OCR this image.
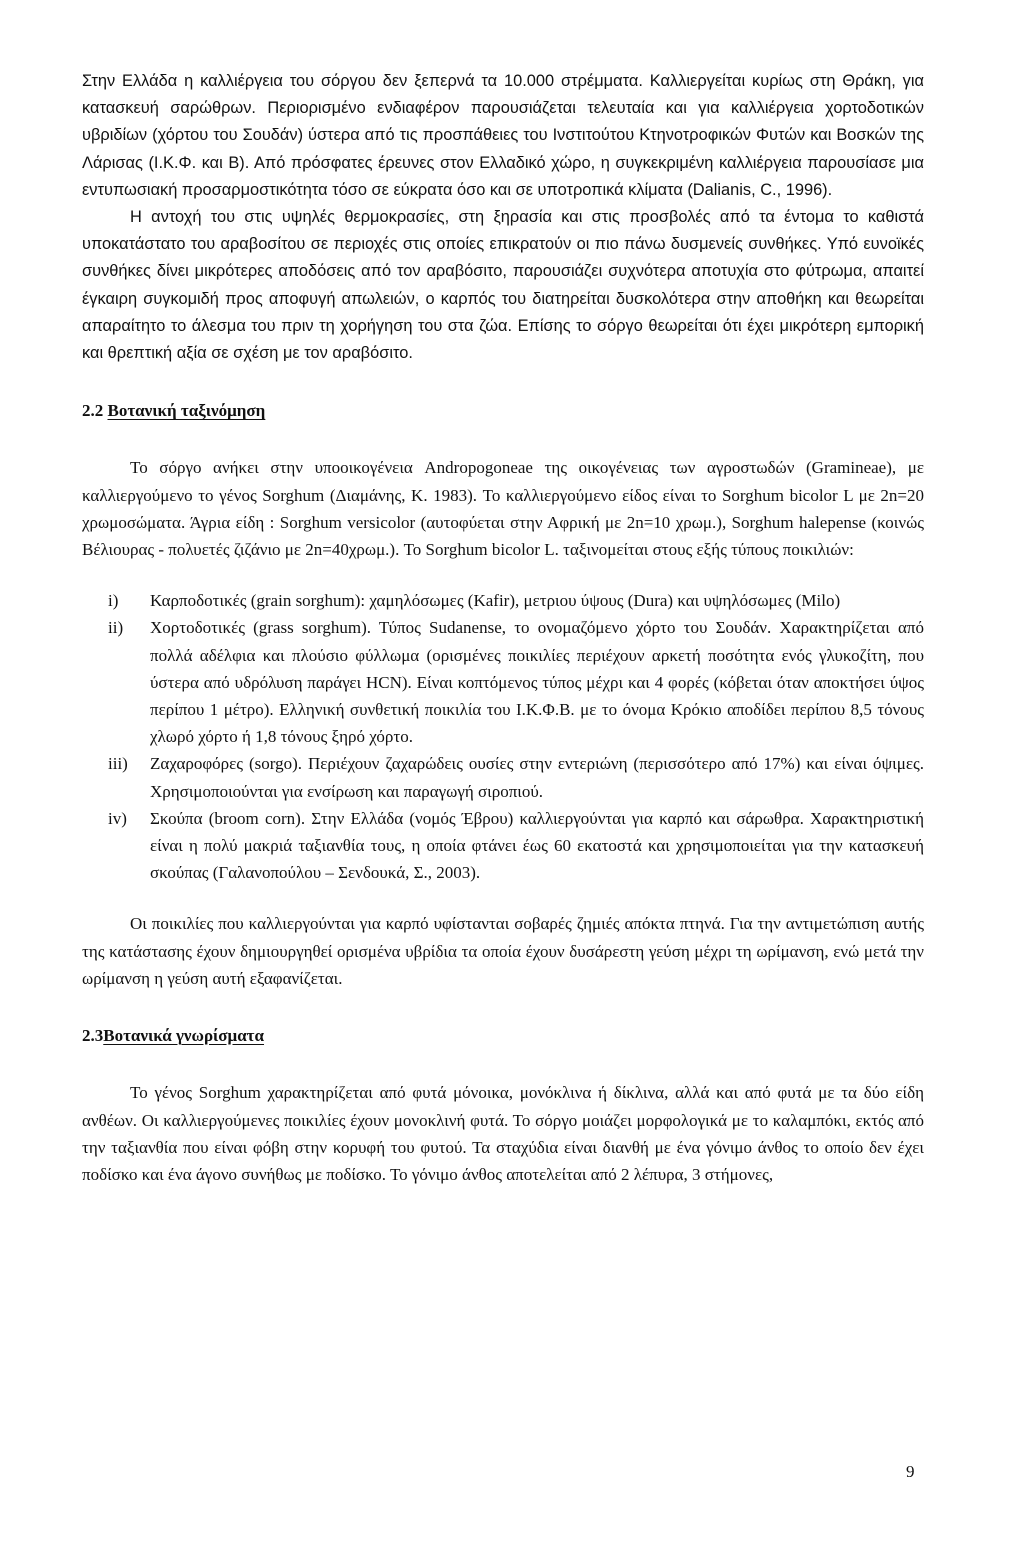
Στην Ελλάδα η καλλιέργεια του σόργου δεν ξεπερνά τα 10.000 στρέμματα. Καλλιεργείται κυρίως στη Θράκη, για κατασκευή σαρώθρων. Περιορισμένο ενδιαφέρον παρουσιάζεται τελευταία και για καλλιέργεια χορτοδοτικών υβριδίων (χόρτου του Σουδάν) ύστερα από τις προσπάθειες του Ινστιτούτου Κτηνοτροφικών Φυτών και Βοσκών της Λάρισας (Ι.Κ.Φ. και Β). Από πρόσφατες έρευνες στον Ελλαδικό χώρο, η συγκεκριμένη καλλιέργεια παρουσίασε μια εντυπωσιακή προσαρμοστικότητα τόσο σε εύκρατα όσο και σε υποτροπικά κλίματα (Dalianis, C., 1996).

Η αντοχή του στις υψηλές θερμοκρασίες, στη ξηρασία και στις προσβολές από τα έντομα το καθιστά υποκατάστατο του αραβοσίτου σε περιοχές στις οποίες επικρατούν οι πιο πάνω δυσμενείς συνθήκες. Υπό ευνοϊκές συνθήκες δίνει μικρότερες αποδόσεις από τον αραβόσιτο, παρουσιάζει συχνότερα αποτυχία στο φύτρωμα, απαιτεί έγκαιρη συγκομιδή προς αποφυγή απωλειών, ο καρπός του διατηρείται δυσκολότερα στην αποθήκη και θεωρείται απαραίτητο το άλεσμα του πριν τη χορήγηση του στα ζώα. Επίσης το σόργο θεωρείται ότι έχει μικρότερη εμπορική και θρεπτική αξία σε σχέση με τον αραβόσιτο.

2.2 Βοτανική ταξινόμηση

Το σόργο ανήκει στην υποοικογένεια Andropogoneae της οικογένειας των αγροστωδών (Gramineae), με καλλιεργούμενο το γένος Sorghum (Διαμάνης, Κ. 1983). Το καλλιεργούμενο είδος είναι το Sorghum bicolor L με 2n=20 χρωμοσώματα. Άγρια είδη : Sorghum versicolor (αυτοφύεται στην Αφρική με 2n=10 χρωμ.), Sorghum halepense (κοινώς Βέλιουρας - πολυετές ζιζάνιο με 2n=40χρωμ.). Το Sorghum bicolor L. ταξινομείται στους εξής τύπους ποικιλιών:

i)	Καρποδοτικές (grain sorghum): χαμηλόσωμες (Kafir), μετριου ύψους (Dura) και υψηλόσωμες (Milo)
ii)	Χορτοδοτικές (grass sorghum). Τύπος Sudanense, το ονομαζόμενο χόρτο του Σουδάν. Χαρακτηρίζεται από πολλά αδέλφια και πλούσιο φύλλωμα (ορισμένες ποικιλίες περιέχουν αρκετή ποσότητα ενός γλυκοζίτη, που ύστερα από υδρόλυση παράγει HCN). Είναι κοπτόμενος τύπος μέχρι και 4 φορές (κόβεται όταν αποκτήσει ύψος περίπου 1 μέτρο). Ελληνική συνθετική ποικιλία του Ι.Κ.Φ.Β. με το όνομα Κρόκιο αποδίδει περίπου 8,5 τόνους χλωρό χόρτο ή 1,8 τόνους ξηρό χόρτο.
iii)	Ζαχαροφόρες (sorgo). Περιέχουν ζαχαρώδεις ουσίες στην εντεριώνη (περισσότερο από 17%) και είναι όψιμες. Χρησιμοποιούνται για ενσίρωση και παραγωγή σιροπιού.
iv)	Σκούπα (broom corn). Στην Ελλάδα (νομός Έβρου) καλλιεργούνται για καρπό και σάρωθρα. Χαρακτηριστική είναι η πολύ μακριά ταξιανθία τους, η οποία φτάνει έως 60 εκατοστά και χρησιμοποιείται για την κατασκευή σκούπας (Γαλανοπούλου – Σενδουκά, Σ., 2003).

Οι ποικιλίες που καλλιεργούνται για καρπό υφίστανται σοβαρές ζημιές απόκτα πτηνά. Για την αντιμετώπιση αυτής της κατάστασης έχουν δημιουργηθεί ορισμένα υβρίδια τα οποία έχουν δυσάρεστη γεύση μέχρι τη ωρίμανση, ενώ μετά την ωρίμανση η γεύση αυτή εξαφανίζεται.

2.3Βοτανικά γνωρίσματα

Το γένος Sorghum χαρακτηρίζεται από φυτά μόνοικα, μονόκλινα ή δίκλινα, αλλά και από φυτά με τα δύο είδη ανθέων. Οι καλλιεργούμενες ποικιλίες έχουν μονοκλινή φυτά. Το σόργο μοιάζει μορφολογικά με το καλαμπόκι, εκτός από την ταξιανθία που είναι φόβη στην κορυφή του φυτού. Τα σταχύδια είναι διανθή με ένα γόνιμο άνθος το οποίο δεν έχει ποδίσκο και ένα άγονο συνήθως με ποδίσκο. Το γόνιμο άνθος αποτελείται από 2 λέπυρα, 3 στήμονες,

9
